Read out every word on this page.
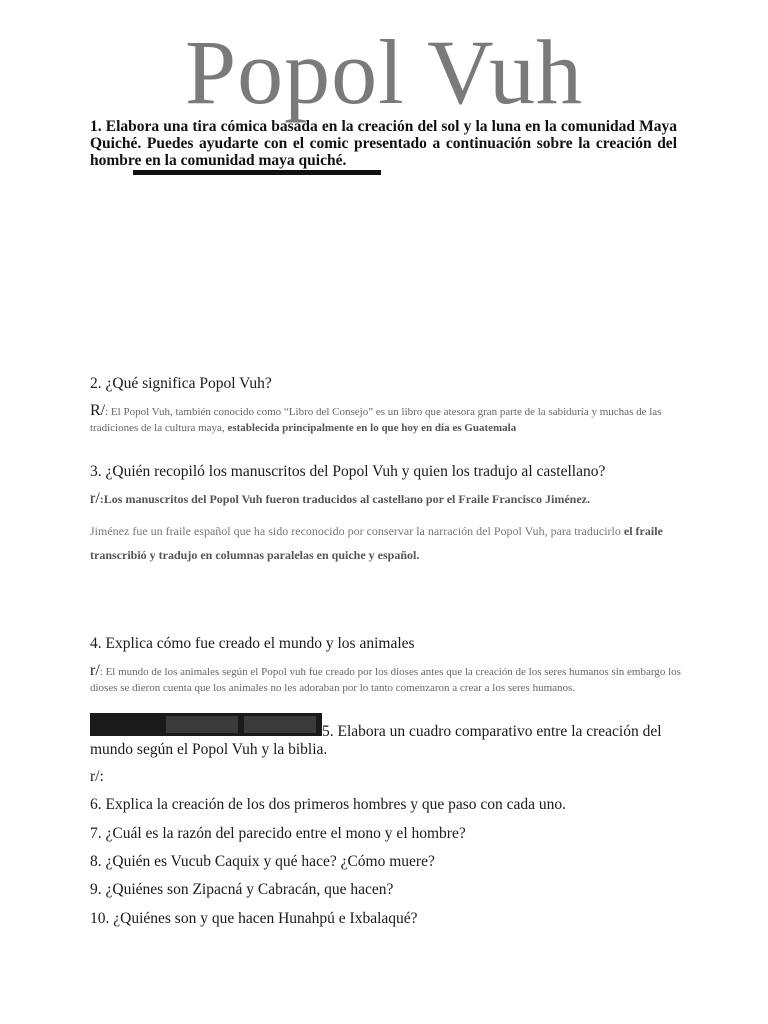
Popol Vuh
1. Elabora una tira cómica basada en la creación del sol y la luna en la comunidad Maya Quiché. Puedes ayudarte con el comic presentado a continuación sobre la creación del hombre en la comunidad maya quiché.
2. ¿Qué significa Popol Vuh?
R/: El Popol Vuh, también conocido como “Libro del Consejo” es un libro que atesora gran parte de la sabiduría y muchas de las tradiciones de la cultura maya, establecida principalmente en lo que hoy en día es Guatemala
3. ¿Quién recopiló los manuscritos del Popol Vuh y quien los tradujo al castellano?
r/:Los manuscritos del Popol Vuh fueron traducidos al castellano por el Fraile Francisco Jiménez.
Jiménez fue un fraile español que ha sido reconocido por conservar la narración del Popol Vuh, para traducirlo el fraile transcribió y tradujo en columnas paralelas en quiche y español.
4. Explica cómo fue creado el mundo y los animales
r/: El mundo de los animales según el Popol vuh fue creado por los dioses antes que la creación de los seres humanos sin embargo los dioses se dieron cuenta que los animales no les adoraban por lo tanto comenzaron a crear a los seres humanos.
5. Elabora un cuadro comparativo entre la creación del mundo según el Popol Vuh y la biblia.
r/:
6. Explica la creación de los dos primeros hombres y que paso con cada uno.
7. ¿Cuál es la razón del parecido entre el mono y el hombre?
8. ¿Quién es Vucub Caquix y qué hace? ¿Cómo muere?
9. ¿Quiénes son Zipacná y Cabracán, que hacen?
10. ¿Quiénes son y que hacen Hunahpú e Ixbalaqué?
